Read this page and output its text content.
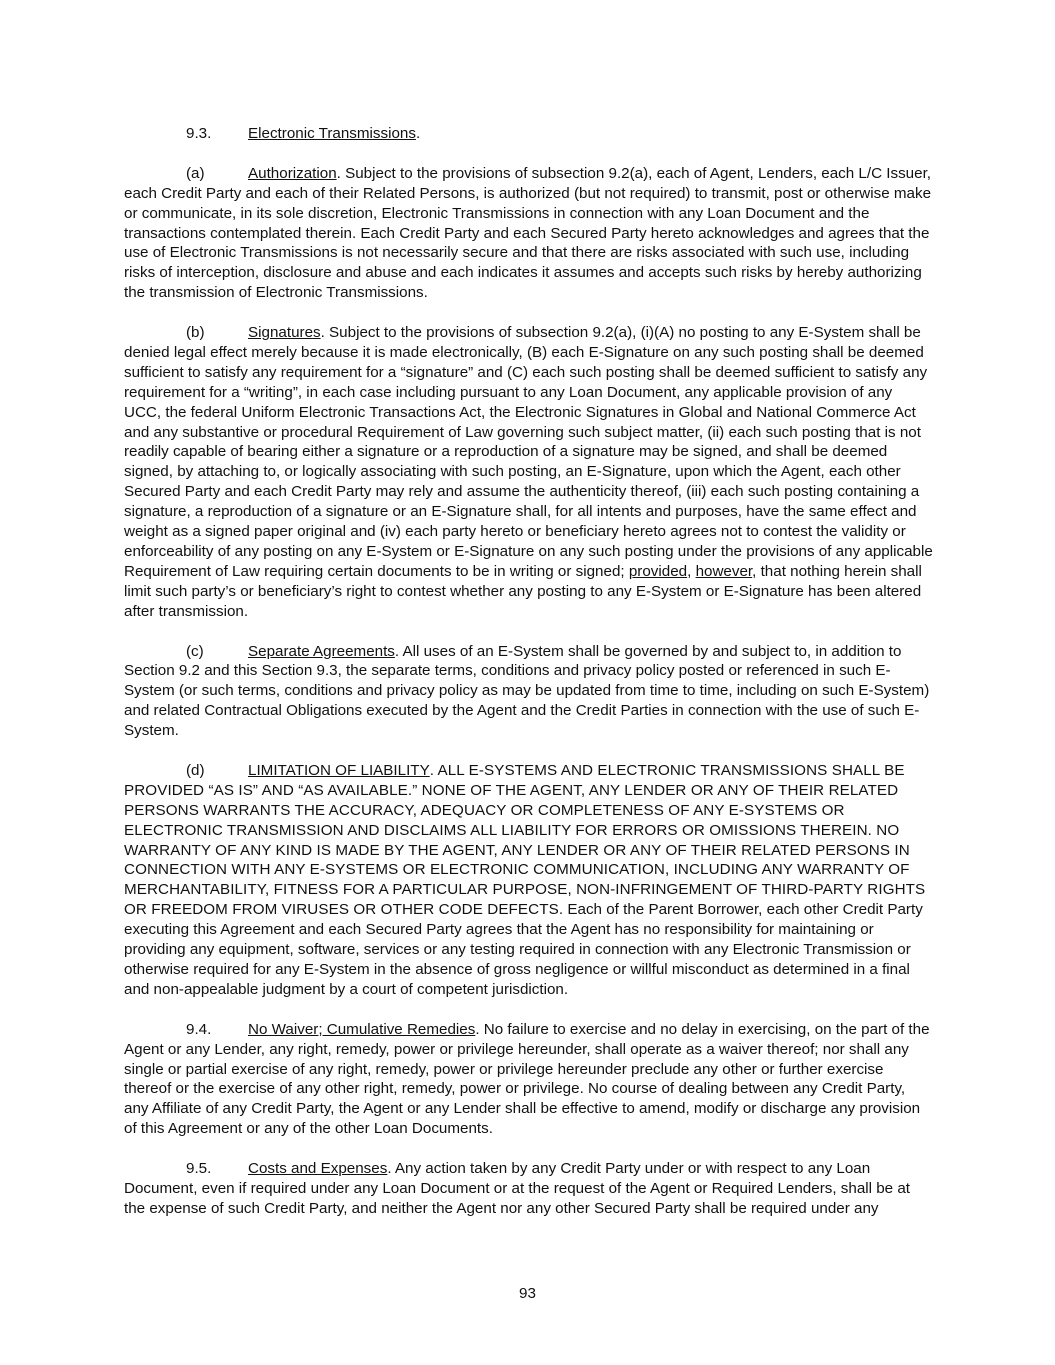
9.3. Electronic Transmissions.

(a)	Authorization. Subject to the provisions of subsection 9.2(a), each of Agent, Lenders, each L/C Issuer, each Credit Party and each of their Related Persons, is authorized (but not required) to transmit, post or otherwise make or communicate, in its sole discretion, Electronic Transmissions in connection with any Loan Document and the transactions contemplated therein. Each Credit Party and each Secured Party hereto acknowledges and agrees that the use of Electronic Transmissions is not necessarily secure and that there are risks associated with such use, including risks of interception, disclosure and abuse and each indicates it assumes and accepts such risks by hereby authorizing the transmission of Electronic Transmissions.

(b)	Signatures. Subject to the provisions of subsection 9.2(a), (i)(A) no posting to any E-System shall be denied legal effect merely because it is made electronically, (B) each E-Signature on any such posting shall be deemed sufficient to satisfy any requirement for a “signature” and (C) each such posting shall be deemed sufficient to satisfy any requirement for a “writing”, in each case including pursuant to any Loan Document, any applicable provision of any UCC, the federal Uniform Electronic Transactions Act, the Electronic Signatures in Global and National Commerce Act and any substantive or procedural Requirement of Law governing such subject matter, (ii) each such posting that is not readily capable of bearing either a signature or a reproduction of a signature may be signed, and shall be deemed signed, by attaching to, or logically associating with such posting, an E-Signature, upon which the Agent, each other Secured Party and each Credit Party may rely and assume the authenticity thereof, (iii) each such posting containing a signature, a reproduction of a signature or an E-Signature shall, for all intents and purposes, have the same effect and weight as a signed paper original and (iv) each party hereto or beneficiary hereto agrees not to contest the validity or enforceability of any posting on any E-System or E-Signature on any such posting under the provisions of any applicable Requirement of Law requiring certain documents to be in writing or signed; provided, however, that nothing herein shall limit such party’s or beneficiary’s right to contest whether any posting to any E-System or E-Signature has been altered after transmission.

(c)	Separate Agreements. All uses of an E-System shall be governed by and subject to, in addition to Section 9.2 and this Section 9.3, the separate terms, conditions and privacy policy posted or referenced in such E-System (or such terms, conditions and privacy policy as may be updated from time to time, including on such E-System) and related Contractual Obligations executed by the Agent and the Credit Parties in connection with the use of such E-System.

(d)	LIMITATION OF LIABILITY. ALL E-SYSTEMS AND ELECTRONIC TRANSMISSIONS SHALL BE PROVIDED “AS IS” AND “AS AVAILABLE.” NONE OF THE AGENT, ANY LENDER OR ANY OF THEIR RELATED PERSONS WARRANTS THE ACCURACY, ADEQUACY OR COMPLETENESS OF ANY E-SYSTEMS OR ELECTRONIC TRANSMISSION AND DISCLAIMS ALL LIABILITY FOR ERRORS OR OMISSIONS THEREIN. NO WARRANTY OF ANY KIND IS MADE BY THE AGENT, ANY LENDER OR ANY OF THEIR RELATED PERSONS IN CONNECTION WITH ANY E-SYSTEMS OR ELECTRONIC COMMUNICATION, INCLUDING ANY WARRANTY OF MERCHANTABILITY, FITNESS FOR A PARTICULAR PURPOSE, NON-INFRINGEMENT OF THIRD-PARTY RIGHTS OR FREEDOM FROM VIRUSES OR OTHER CODE DEFECTS. Each of the Parent Borrower, each other Credit Party executing this Agreement and each Secured Party agrees that the Agent has no responsibility for maintaining or providing any equipment, software, services or any testing required in connection with any Electronic Transmission or otherwise required for any E-System in the absence of gross negligence or willful misconduct as determined in a final and non-appealable judgment by a court of competent jurisdiction.

9.4. No Waiver; Cumulative Remedies. No failure to exercise and no delay in exercising, on the part of the Agent or any Lender, any right, remedy, power or privilege hereunder, shall operate as a waiver thereof; nor shall any single or partial exercise of any right, remedy, power or privilege hereunder preclude any other or further exercise thereof or the exercise of any other right, remedy, power or privilege. No course of dealing between any Credit Party, any Affiliate of any Credit Party, the Agent or any Lender shall be effective to amend, modify or discharge any provision of this Agreement or any of the other Loan Documents.

9.5. Costs and Expenses. Any action taken by any Credit Party under or with respect to any Loan Document, even if required under any Loan Document or at the request of the Agent or Required Lenders, shall be at the expense of such Credit Party, and neither the Agent nor any other Secured Party shall be required under any

93
